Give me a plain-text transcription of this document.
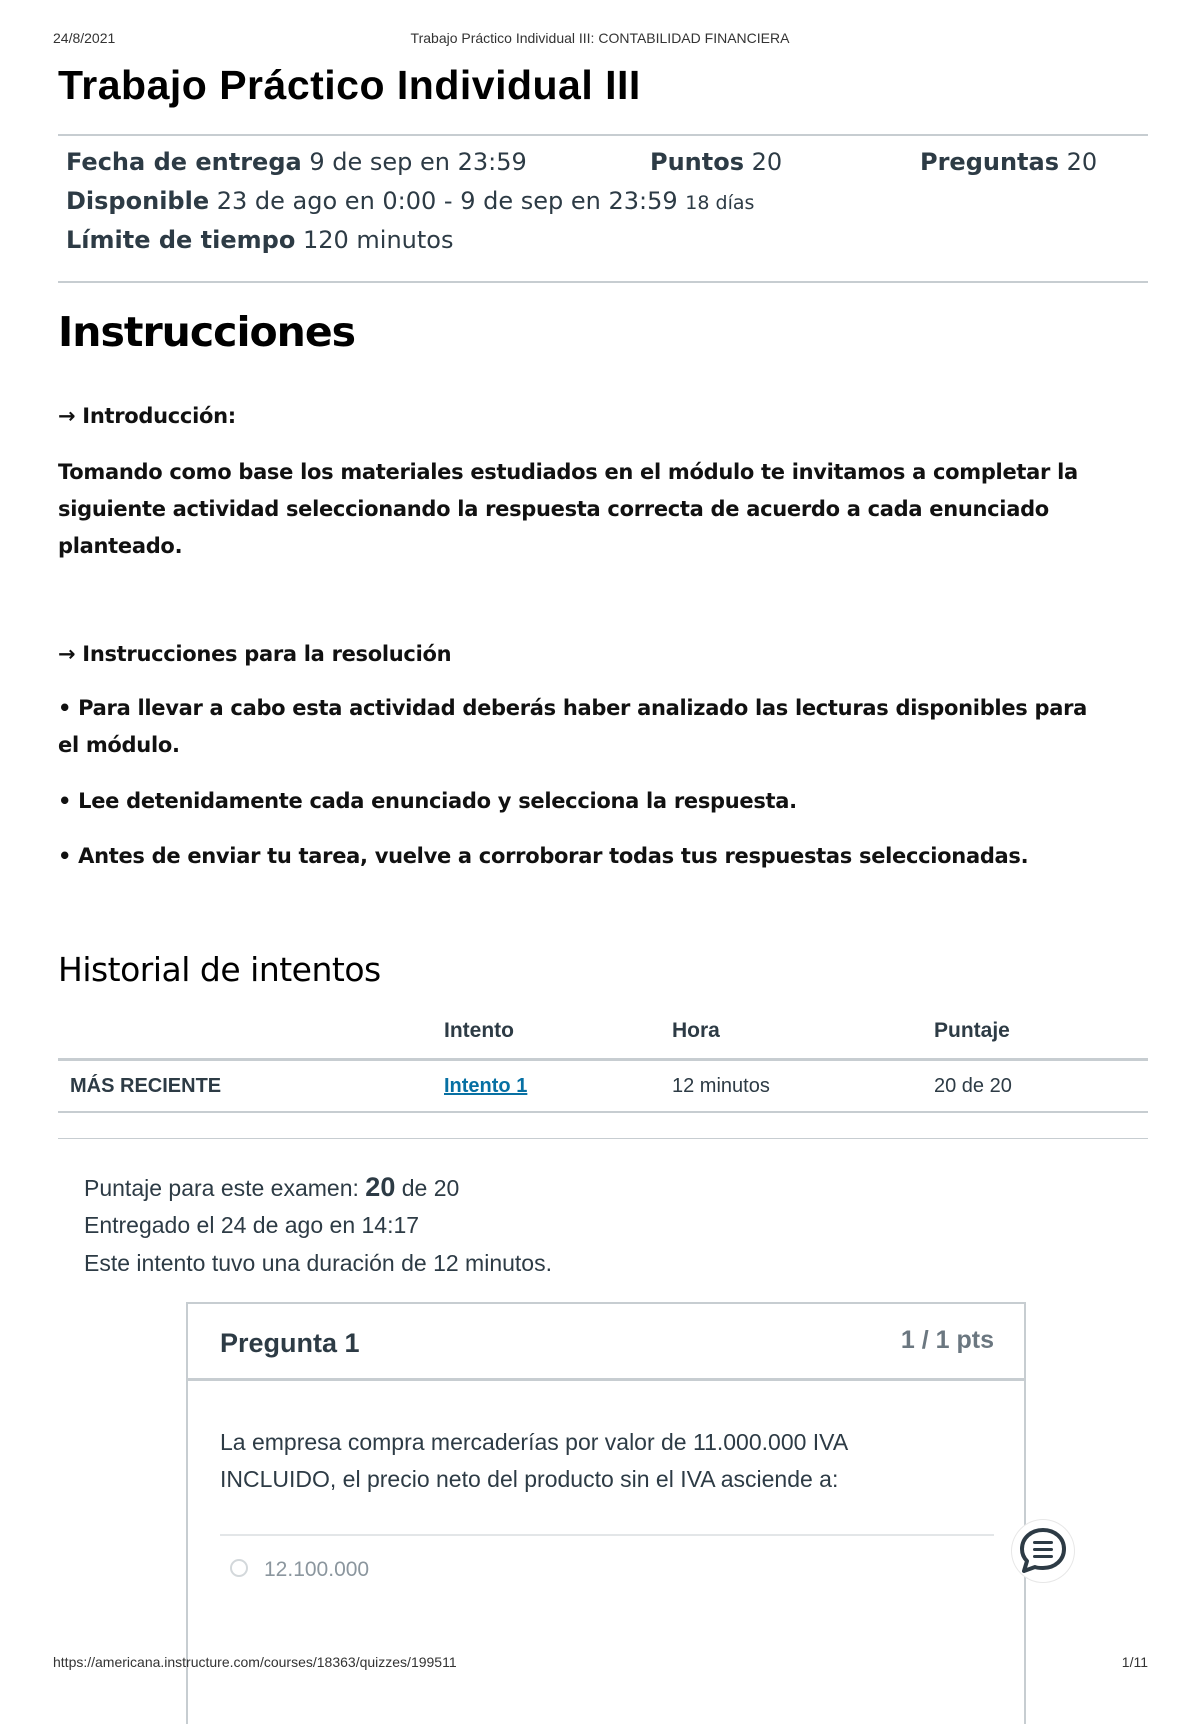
24/8/2021	Trabajo Práctico Individual III: CONTABILIDAD FINANCIERA
Trabajo Práctico Individual III
Fecha de entrega 9 de sep en 23:59	Puntos 20	Preguntas 20
Disponible 23 de ago en 0:00 - 9 de sep en 23:59 18 días
Límite de tiempo 120 minutos
Instrucciones
→ Introducción:
Tomando como base los materiales estudiados en el módulo te invitamos a completar la siguiente actividad seleccionando la respuesta correcta de acuerdo a cada enunciado planteado.
→ Instrucciones para la resolución
• Para llevar a cabo esta actividad deberás haber analizado las lecturas disponibles para el módulo.
• Lee detenidamente cada enunciado y selecciona la respuesta.
• Antes de enviar tu tarea, vuelve a corroborar todas tus respuestas seleccionadas.
Historial de intentos
	Intento	Hora	Puntaje
MÁS RECIENTE	Intento 1	12 minutos	20 de 20
Puntaje para este examen: 20 de 20
Entregado el 24 de ago en 14:17
Este intento tuvo una duración de 12 minutos.
Pregunta 1	1 / 1 pts
La empresa compra mercaderías por valor de 11.000.000 IVA INCLUIDO, el precio neto del producto sin el IVA asciende a:
12.100.000
https://americana.instructure.com/courses/18363/quizzes/199511	1/11
